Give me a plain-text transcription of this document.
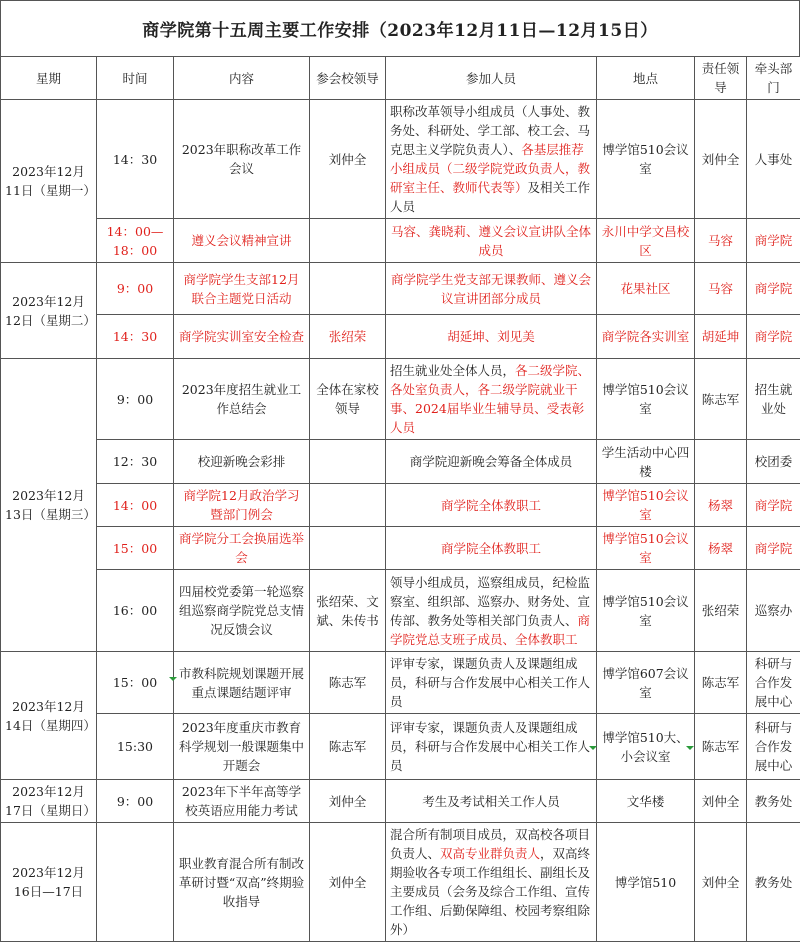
商学院第十五周主要工作安排（2023年12月11日—12月15日）
星期	时间	内容	参会校领导	参加人员	地点	责任领导	牵头部门
2023年12月11日（星期一）	14：30	2023年职称改革工作会议	刘仲全	职称改革领导小组成员（人事处、教务处、科研处、学工部、校工会、马克思主义学院负责人）、各基层推荐小组成员（二级学院党政负责人，教研室主任、教师代表等）及相关工作人员	博学馆510会议室	刘仲全	人事处
	14：00—18：00	遵义会议精神宣讲		马容、龚晓莉、遵义会议宣讲队全体成员	永川中学文昌校区	马容	商学院
2023年12月12日（星期二）	9：00	商学院学生支部12月联合主题党日活动		商学院学生党支部无课教师、遵义会议宣讲团部分成员	花果社区	马容	商学院
	14：30	商学院实训室安全检查	张绍荣	胡延坤、刘见美	商学院各实训室	胡延坤	商学院
2023年12月13日（星期三）	9：00	2023年度招生就业工作总结会	全体在家校领导	招生就业处全体人员，各二级学院、各处室负责人，各二级学院就业干事、2024届毕业生辅导员、受表彰人员	博学馆510会议室	陈志军	招生就业处
	12：30	校迎新晚会彩排		商学院迎新晚会筹备全体成员	学生活动中心四楼		校团委
	14：00	商学院12月政治学习暨部门例会		商学院全体教职工	博学馆510会议室	杨翠	商学院
	15：00	商学院分工会换届选举会		商学院全体教职工	博学馆510会议室	杨翠	商学院
	16：00	四届校党委第一轮巡察组巡察商学院党总支情况反馈会议	张绍荣、文斌、朱传书	领导小组成员，巡察组成员，纪检监察室、组织部、巡察办、财务处、宣传部、教务处等相关部门负责人、商学院党总支班子成员、全体教职工	博学馆510会议室	张绍荣	巡察办
2023年12月14日（星期四）	15：00	市教科院规划课题开展重点课题结题评审	陈志军	评审专家，课题负责人及课题组成员，科研与合作发展中心相关工作人员	博学馆607会议室	陈志军	科研与合作发展中心
	15:30	2023年度重庆市教育科学规划一般课题集中开题会	陈志军	评审专家，课题负责人及课题组成员，科研与合作发展中心相关工作人员	博学馆510大、小会议室	陈志军	科研与合作发展中心
2023年12月17日（星期日）	9：00	2023年下半年高等学校英语应用能力考试	刘仲全	考生及考试相关工作人员	文华楼	刘仲全	教务处
2023年12月16日—17日		职业教育混合所有制改革研讨暨“双高”终期验收指导	刘仲全	混合所有制项目成员，双高校各项目负责人、双高专业群负责人，双高终期验收各专项工作组组长、副组长及主要成员（会务及综合工作组、宣传工作组、后勤保障组、校园考察组除外）	博学馆510	刘仲全	教务处
